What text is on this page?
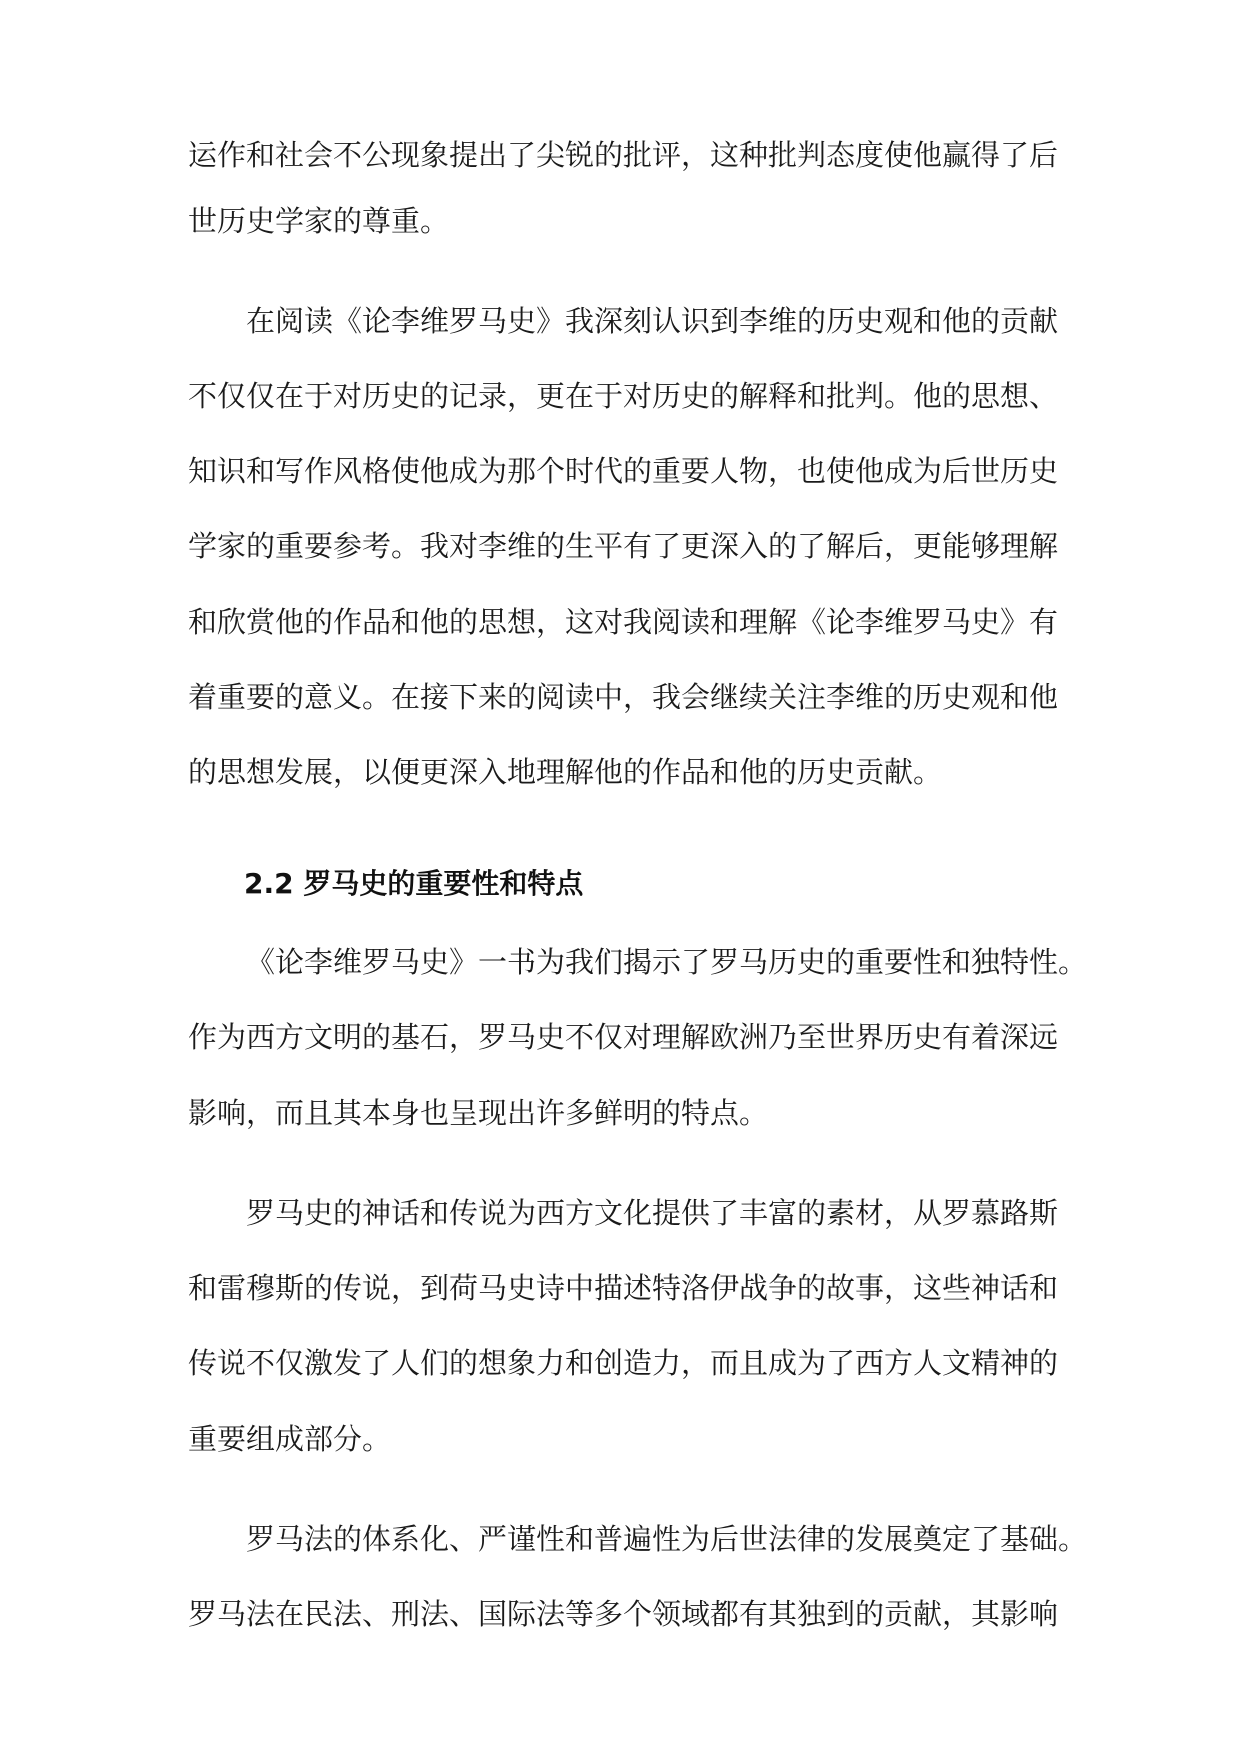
运作和社会不公现象提出了尖锐的批评，这种批判态度使他赢得了后
世历史学家的尊重。
在阅读《论李维罗马史》我深刻认识到李维的历史观和他的贡献
不仅仅在于对历史的记录，更在于对历史的解释和批判。他的思想、
知识和写作风格使他成为那个时代的重要人物，也使他成为后世历史
学家的重要参考。我对李维的生平有了更深入的了解后，更能够理解
和欣赏他的作品和他的思想，这对我阅读和理解《论李维罗马史》有
着重要的意义。在接下来的阅读中，我会继续关注李维的历史观和他
的思想发展，以便更深入地理解他的作品和他的历史贡献。
2.2 罗马史的重要性和特点
《论李维罗马史》一书为我们揭示了罗马历史的重要性和独特性。
作为西方文明的基石，罗马史不仅对理解欧洲乃至世界历史有着深远
影响，而且其本身也呈现出许多鲜明的特点。
罗马史的神话和传说为西方文化提供了丰富的素材，从罗慕路斯
和雷穆斯的传说，到荷马史诗中描述特洛伊战争的故事，这些神话和
传说不仅激发了人们的想象力和创造力，而且成为了西方人文精神的
重要组成部分。
罗马法的体系化、严谨性和普遍性为后世法律的发展奠定了基础。
罗马法在民法、刑法、国际法等多个领域都有其独到的贡献，其影响
